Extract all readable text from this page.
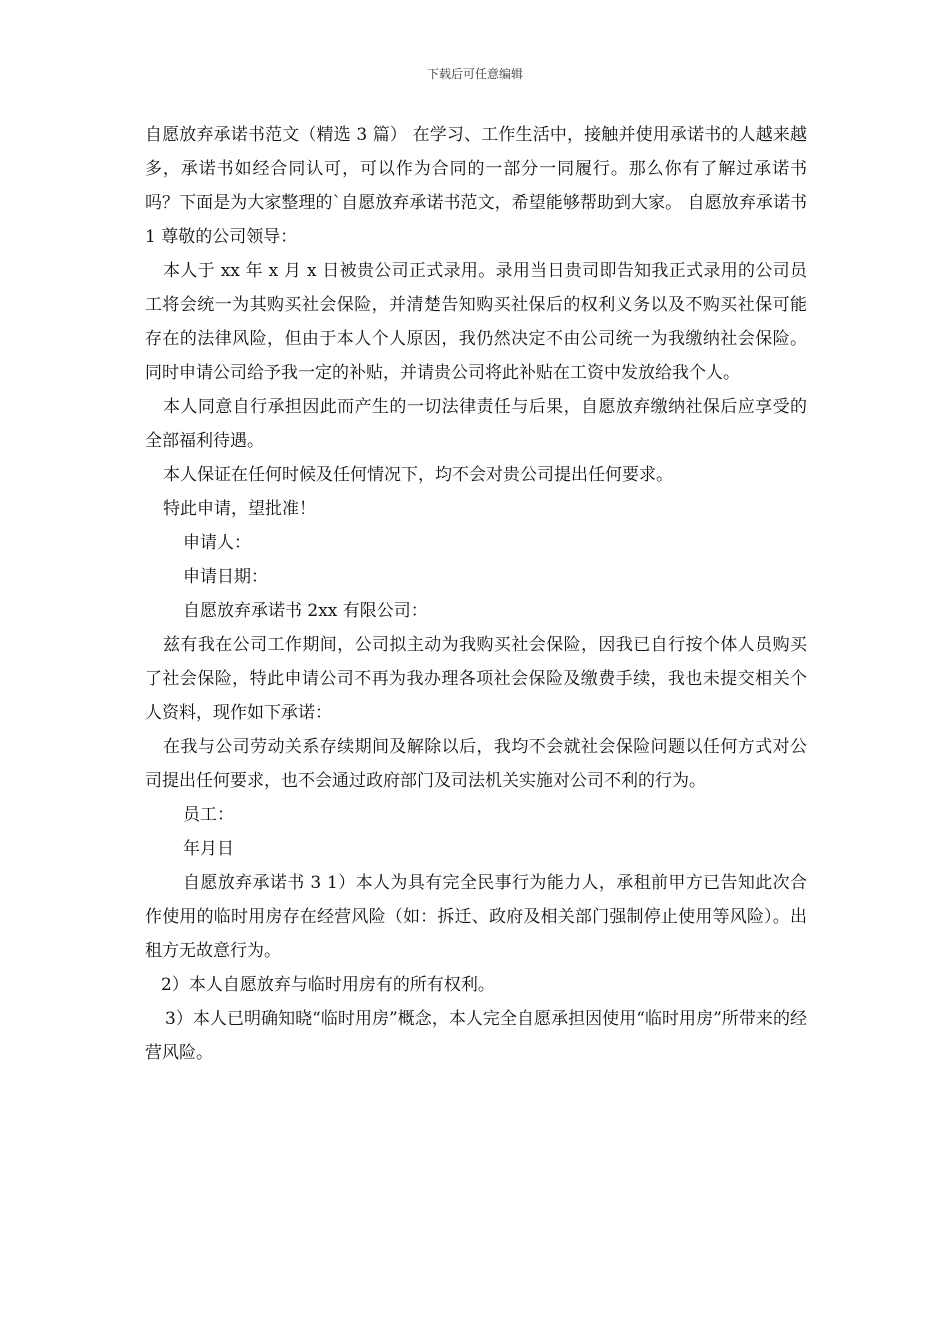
下载后可任意编辑

自愿放弃承诺书范文（精选 3 篇） 在学习、工作生活中，接触并使用承诺书的人越来越多，承诺书如经合同认可，可以作为合同的一部分一同履行。那么你有了解过承诺书吗？下面是为大家整理的`自愿放弃承诺书范文，希望能够帮助到大家。 自愿放弃承诺书 1 尊敬的公司领导：

本人于 xx 年 x 月 x 日被贵公司正式录用。录用当日贵司即告知我正式录用的公司员工将会统一为其购买社会保险，并清楚告知购买社保后的权利义务以及不购买社保可能存在的法律风险，但由于本人个人原因，我仍然决定不由公司统一为我缴纳社会保险。同时申请公司给予我一定的补贴，并请贵公司将此补贴在工资中发放给我个人。

本人同意自行承担因此而产生的一切法律责任与后果，自愿放弃缴纳社保后应享受的全部福利待遇。

本人保证在任何时候及任何情况下，均不会对贵公司提出任何要求。

特此申请，望批准！

申请人：

申请日期：

自愿放弃承诺书 2xx 有限公司：

兹有我在公司工作期间，公司拟主动为我购买社会保险，因我已自行按个体人员购买了社会保险，特此申请公司不再为我办理各项社会保险及缴费手续，我也未提交相关个人资料，现作如下承诺：

在我与公司劳动关系存续期间及解除以后，我均不会就社会保险问题以任何方式对公司提出任何要求，也不会通过政府部门及司法机关实施对公司不利的行为。

员工：

年月日

自愿放弃承诺书 3 1）本人为具有完全民事行为能力人，承租前甲方已告知此次合作使用的临时用房存在经营风险（如：拆迁、政府及相关部门强制停止使用等风险）。出租方无故意行为。

2）本人自愿放弃与临时用房有的所有权利。

3）本人已明确知晓“临时用房”概念，本人完全自愿承担因使用“临时用房”所带来的经营风险。
